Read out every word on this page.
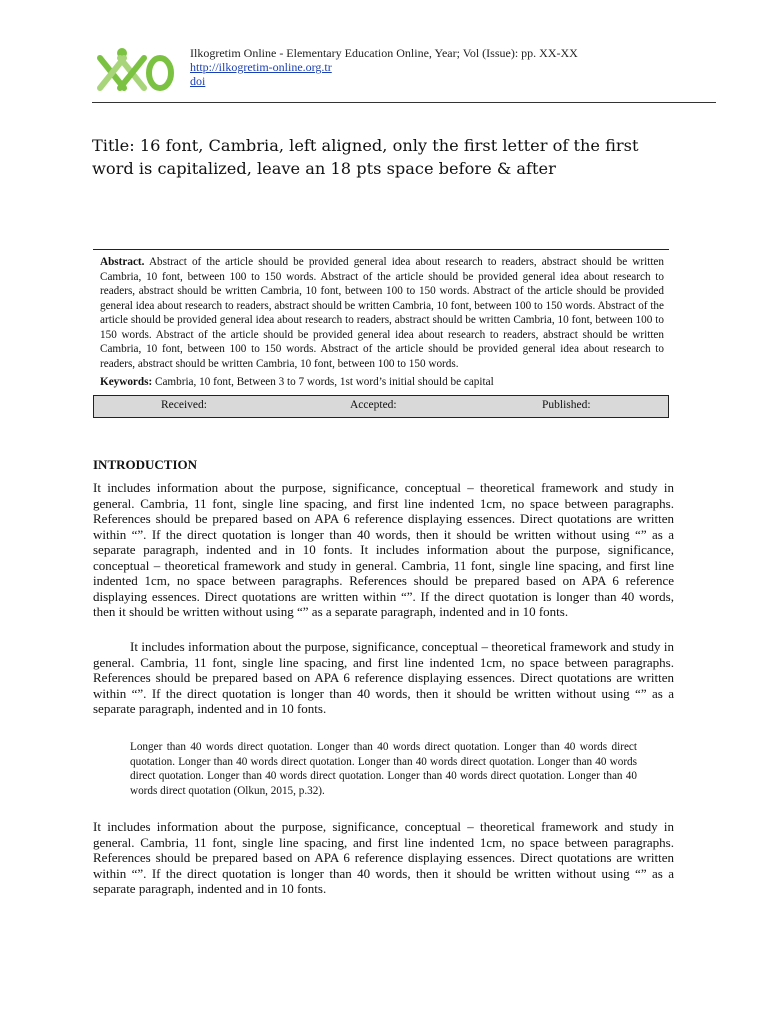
Ilkogretim Online - Elementary Education Online, Year; Vol (Issue): pp. XX-XX
http://ilkogretim-online.org.tr
doi
Title: 16 font, Cambria, left aligned, only the first letter of the first word is capitalized, leave an 18 pts space before & after

Abstract. Abstract of the article should be provided general idea about research to readers, abstract should be written Cambria, 10 font, between 100 to 150 words. Abstract of the article should be provided general idea about research to readers, abstract should be written Cambria, 10 font, between 100 to 150 words. Abstract of the article should be provided general idea about research to readers, abstract should be written Cambria, 10 font, between 100 to 150 words. Abstract of the article should be provided general idea about research to readers, abstract should be written Cambria, 10 font, between 100 to 150 words. Abstract of the article should be provided general idea about research to readers, abstract should be written Cambria, 10 font, between 100 to 150 words. Abstract of the article should be provided general idea about research to readers, abstract should be written Cambria, 10 font, between 100 to 150 words.

Keywords: Cambria, 10 font, Between 3 to 7 words, 1st word’s initial should be capital

Received:	Accepted:	Published:
INTRODUCTION

It includes information about the purpose, significance, conceptual – theoretical framework and study in general. Cambria, 11 font, single line spacing, and first line indented 1cm, no space between paragraphs. References should be prepared based on APA 6 reference displaying essences. Direct quotations are written within “”. If the direct quotation is longer than 40 words, then it should be written without using “” as a separate paragraph, indented and in 10 fonts. It includes information about the purpose, significance, conceptual – theoretical framework and study in general. Cambria, 11 font, single line spacing, and first line indented 1cm, no space between paragraphs. References should be prepared based on APA 6 reference displaying essences. Direct quotations are written within “”. If the direct quotation is longer than 40 words, then it should be written without using “” as a separate paragraph, indented and in 10 fonts.

It includes information about the purpose, significance, conceptual – theoretical framework and study in general. Cambria, 11 font, single line spacing, and first line indented 1cm, no space between paragraphs. References should be prepared based on APA 6 reference displaying essences. Direct quotations are written within “”. If the direct quotation is longer than 40 words, then it should be written without using “” as a separate paragraph, indented and in 10 fonts.

Longer than 40 words direct quotation. Longer than 40 words direct quotation. Longer than 40 words direct quotation. Longer than 40 words direct quotation. Longer than 40 words direct quotation. Longer than 40 words direct quotation. Longer than 40 words direct quotation. Longer than 40 words direct quotation. Longer than 40 words direct quotation (Olkun, 2015, p.32).

It includes information about the purpose, significance, conceptual – theoretical framework and study in general. Cambria, 11 font, single line spacing, and first line indented 1cm, no space between paragraphs. References should be prepared based on APA 6 reference displaying essences. Direct quotations are written within “”. If the direct quotation is longer than 40 words, then it should be written without using “” as a separate paragraph, indented and in 10 fonts.
